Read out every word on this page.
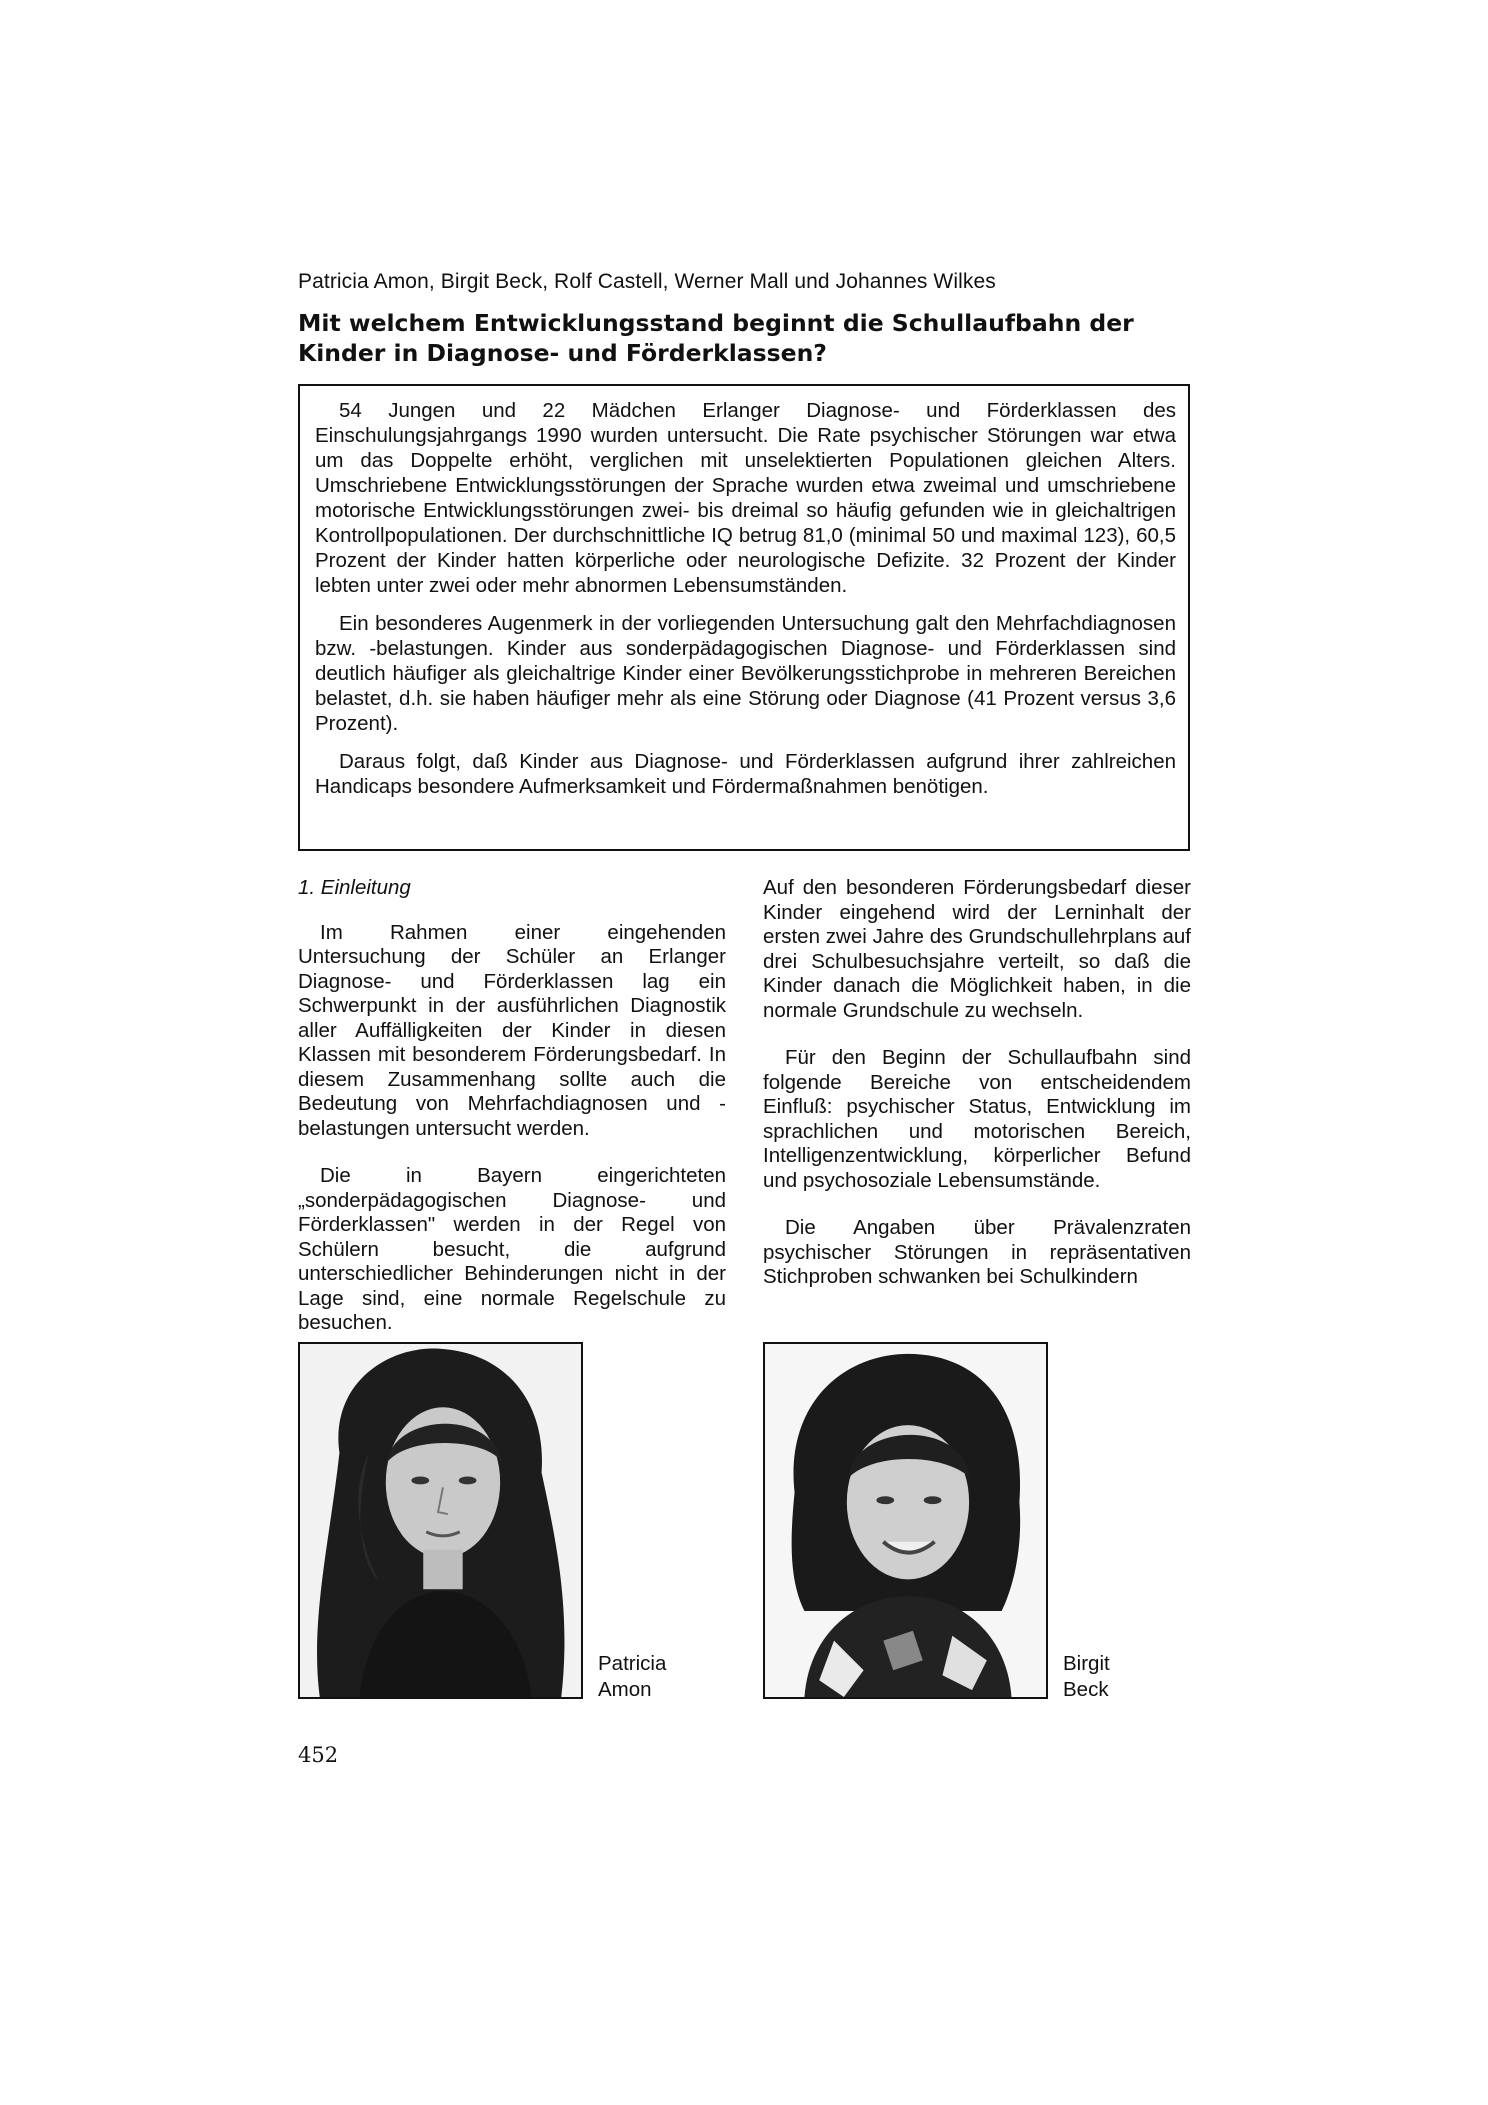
Patricia Amon, Birgit Beck, Rolf Castell, Werner Mall und Johannes Wilkes
Mit welchem Entwicklungsstand beginnt die Schullaufbahn der Kinder in Diagnose- und Förderklassen?

54 Jungen und 22 Mädchen Erlanger Diagnose- und Förderklassen des Einschulungsjahrgangs 1990 wurden untersucht. Die Rate psychischer Störungen war etwa um das Doppelte erhöht, verglichen mit unselektierten Populationen gleichen Alters. Umschriebene Entwicklungsstörungen der Sprache wurden etwa zweimal und umschriebene motorische Entwicklungsstörungen zwei- bis dreimal so häufig gefunden wie in gleichaltrigen Kontrollpopulationen. Der durchschnittliche IQ betrug 81,0 (minimal 50 und maximal 123), 60,5 Prozent der Kinder hatten körperliche oder neurologische Defizite. 32 Prozent der Kinder lebten unter zwei oder mehr abnormen Lebensumständen.

Ein besonderes Augenmerk in der vorliegenden Untersuchung galt den Mehrfachdiagnosen bzw. -belastungen. Kinder aus sonderpädagogischen Diagnose- und Förderklassen sind deutlich häufiger als gleichaltrige Kinder einer Bevölkerungsstichprobe in mehreren Bereichen belastet, d.h. sie haben häufiger mehr als eine Störung oder Diagnose (41 Prozent versus 3,6 Prozent).

Daraus folgt, daß Kinder aus Diagnose- und Förderklassen aufgrund ihrer zahlreichen Handicaps besondere Aufmerksamkeit und Fördermaßnahmen benötigen.

1. Einleitung

Im Rahmen einer eingehenden Untersuchung der Schüler an Erlanger Diagnose- und Förderklassen lag ein Schwerpunkt in der ausführlichen Diagnostik aller Auffälligkeiten der Kinder in diesen Klassen mit besonderem Förderungsbedarf. In diesem Zusammenhang sollte auch die Bedeutung von Mehrfachdiagnosen und -belastungen untersucht werden.

Die in Bayern eingerichteten „sonderpädagogischen Diagnose- und Förderklassen" werden in der Regel von Schülern besucht, die aufgrund unterschiedlicher Behinderungen nicht in der Lage sind, eine normale Regelschule zu besuchen.

Auf den besonderen Förderungsbedarf dieser Kinder eingehend wird der Lerninhalt der ersten zwei Jahre des Grundschullehrplans auf drei Schulbesuchsjahre verteilt, so daß die Kinder danach die Möglichkeit haben, in die normale Grundschule zu wechseln.

Für den Beginn der Schullaufbahn sind folgende Bereiche von entscheidendem Einfluß: psychischer Status, Entwicklung im sprachlichen und motorischen Bereich, Intelligenzentwicklung, körperlicher Befund und psychosoziale Lebensumstände.

Die Angaben über Prävalenzraten psychischer Störungen in repräsentativen Stichproben schwanken bei Schulkindern

Patricia
Amon
Birgit
Beck
452
